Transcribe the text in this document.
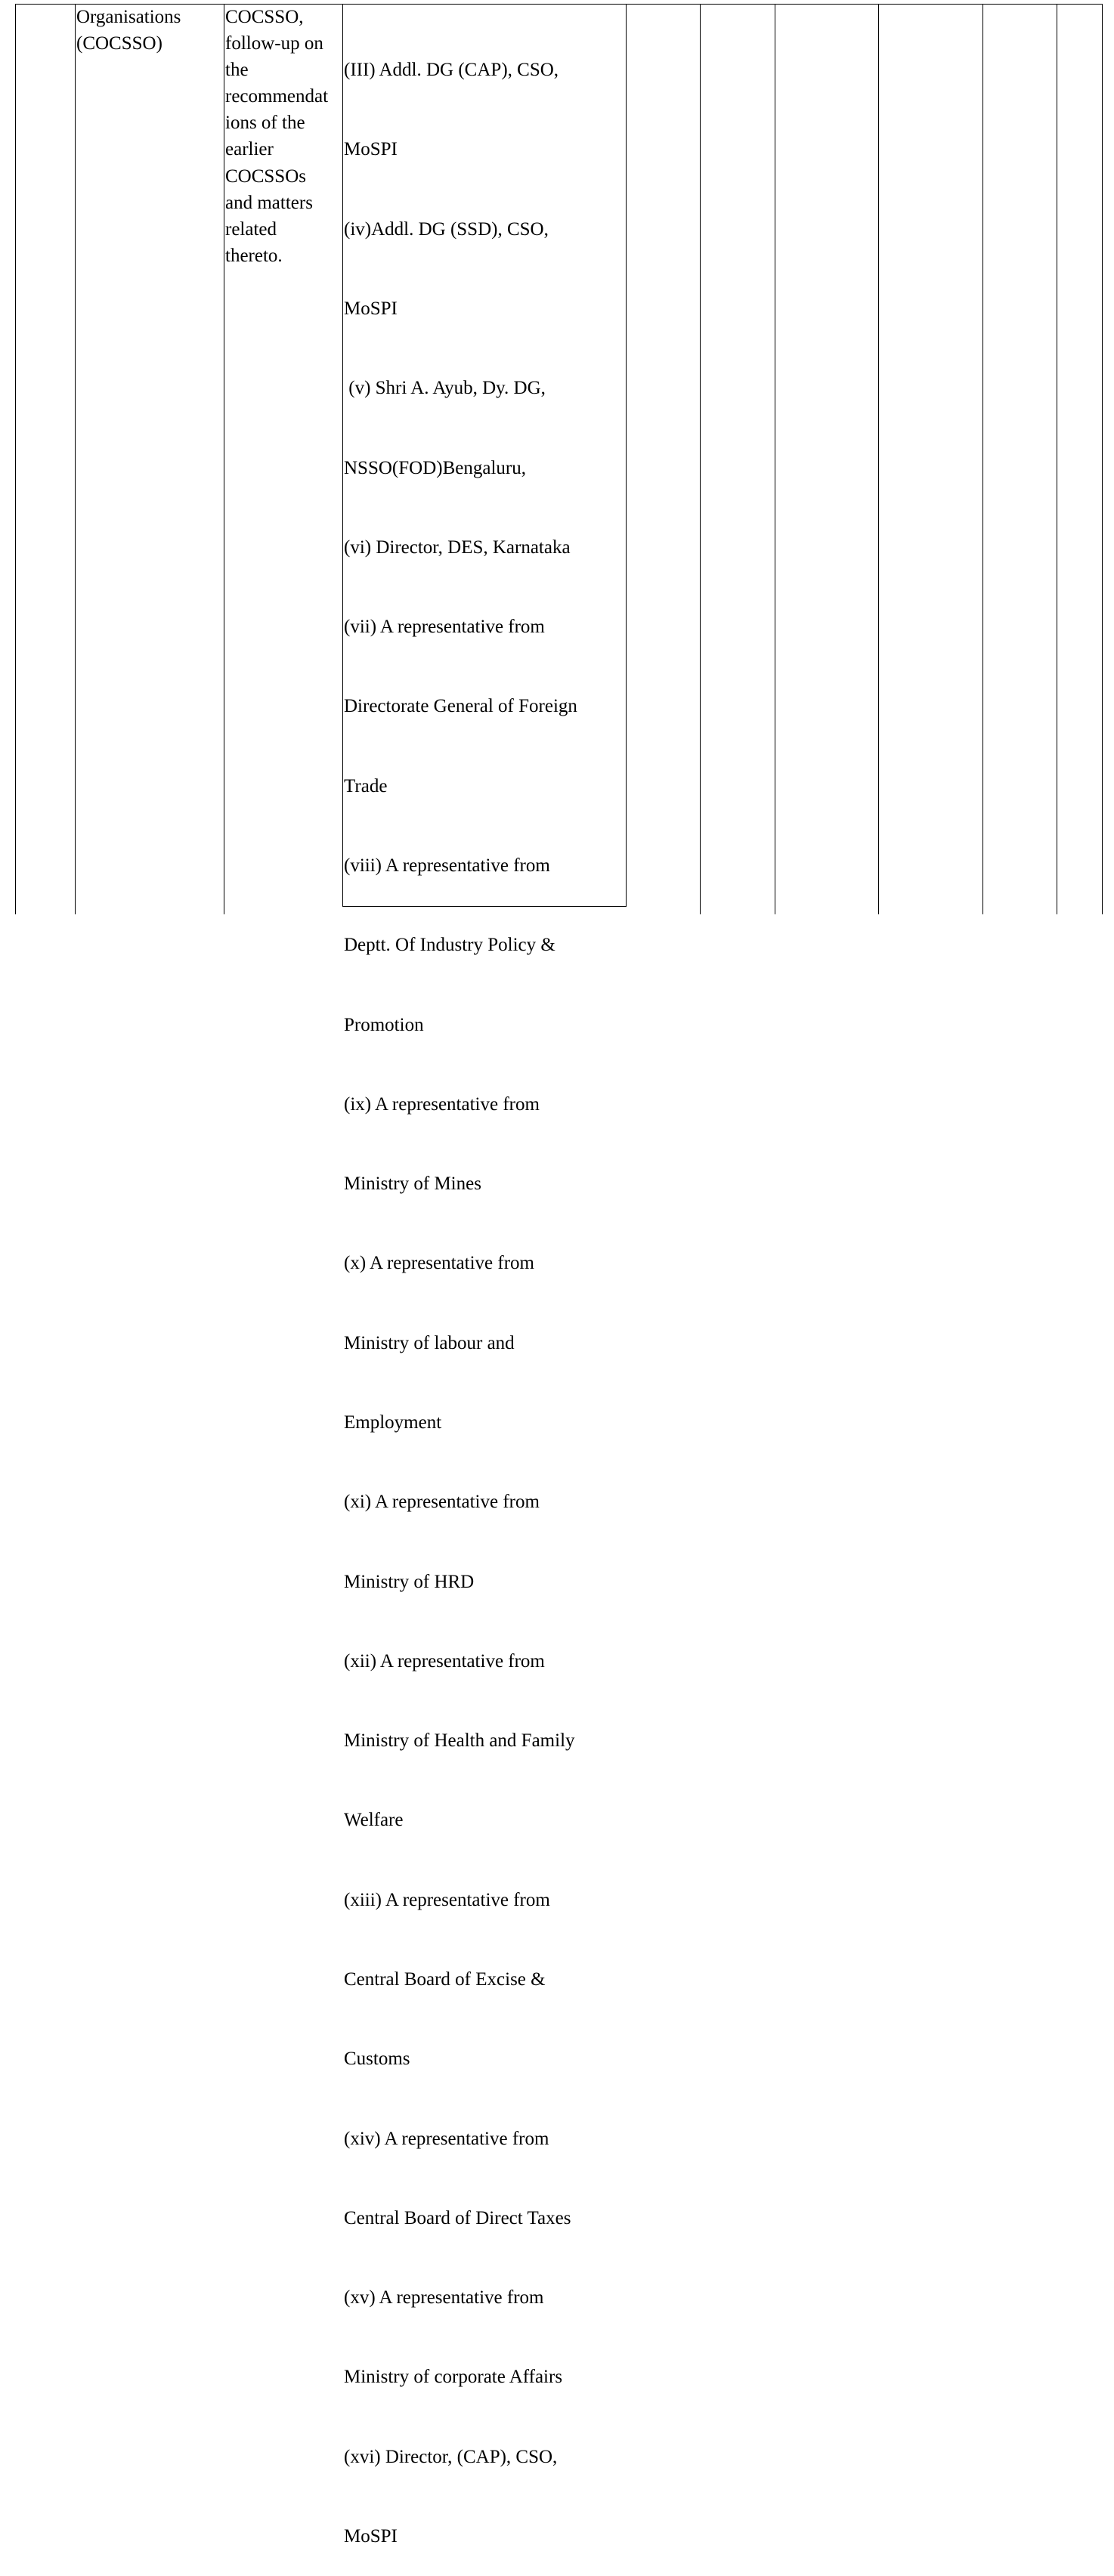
Organisations
(COCSSO)
COCSSO,
follow-up on
the
recommendat
ions of the
earlier
COCSSOs
and matters
related
thereto.

(III) Addl. DG (CAP), CSO,

MoSPI

(iv)Addl. DG (SSD), CSO,

MoSPI

(v) Shri A. Ayub, Dy. DG,

NSSO(FOD)Bengaluru,

(vi) Director, DES, Karnataka

(vii) A representative from

Directorate General of Foreign

Trade

(viii) A representative from

Deptt. Of Industry Policy &

Promotion

(ix) A representative from

Ministry of Mines

(x) A representative from

Ministry of labour and

Employment

(xi) A representative from

Ministry of HRD

(xii) A representative from

Ministry of Health and Family

Welfare

(xiii) A representative from

Central Board of Excise &

Customs

(xiv) A representative from

Central Board of Direct Taxes

(xv) A representative from

Ministry of corporate Affairs

(xvi) Director, (CAP), CSO,

MoSPI
